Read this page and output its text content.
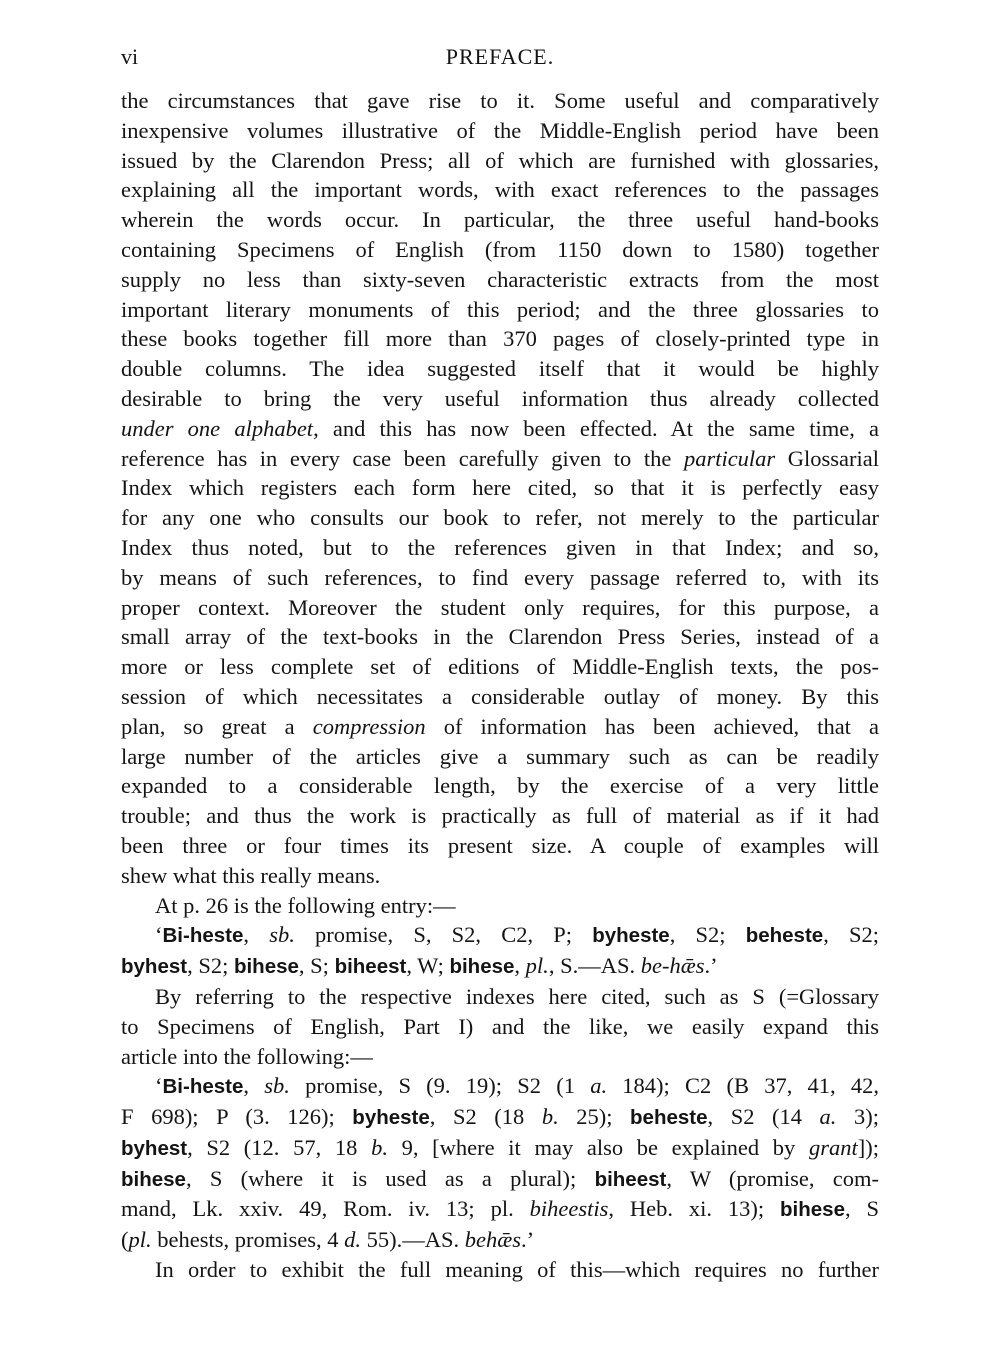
vi	PREFACE.
the circumstances that gave rise to it. Some useful and comparatively
inexpensive volumes illustrative of the Middle-English period have been
issued by the Clarendon Press; all of which are furnished with glossaries,
explaining all the important words, with exact references to the passages
wherein the words occur. In particular, the three useful hand-books
containing Specimens of English (from 1150 down to 1580) together
supply no less than sixty-seven characteristic extracts from the most
important literary monuments of this period; and the three glossaries to
these books together fill more than 370 pages of closely-printed type in
double columns. The idea suggested itself that it would be highly
desirable to bring the very useful information thus already collected
under one alphabet, and this has now been effected. At the same time, a
reference has in every case been carefully given to the particular Glossarial
Index which registers each form here cited, so that it is perfectly easy
for any one who consults our book to refer, not merely to the particular
Index thus noted, but to the references given in that Index; and so,
by means of such references, to find every passage referred to, with its
proper context. Moreover the student only requires, for this purpose, a
small array of the text-books in the Clarendon Press Series, instead of a
more or less complete set of editions of Middle-English texts, the pos-
session of which necessitates a considerable outlay of money. By this
plan, so great a compression of information has been achieved, that a
large number of the articles give a summary such as can be readily
expanded to a considerable length, by the exercise of a very little
trouble; and thus the work is practically as full of material as if it had
been three or four times its present size. A couple of examples will
shew what this really means.
At p. 26 is the following entry:—
‘Bi-heste, sb. promise, S, S2, C2, P; byheste, S2; beheste, S2;
byhest, S2; bihese, S; biheest, W; bihese, pl., S.—AS. be-hǣs.’
By referring to the respective indexes here cited, such as S (=Glossary
to Specimens of English, Part I) and the like, we easily expand this
article into the following:—
‘Bi-heste, sb. promise, S (9. 19); S2 (1 a. 184); C2 (B 37, 41, 42,
F 698); P (3. 126); byheste, S2 (18 b. 25); beheste, S2 (14 a. 3);
byhest, S2 (12. 57, 18 b. 9, [where it may also be explained by grant]);
bihese, S (where it is used as a plural); biheest, W (promise, com-
mand, Lk. xxiv. 49, Rom. iv. 13; pl. biheestis, Heb. xi. 13); bihese, S
(pl. behests, promises, 4 d. 55).—AS. behǣs.’
In order to exhibit the full meaning of this—which requires no further
